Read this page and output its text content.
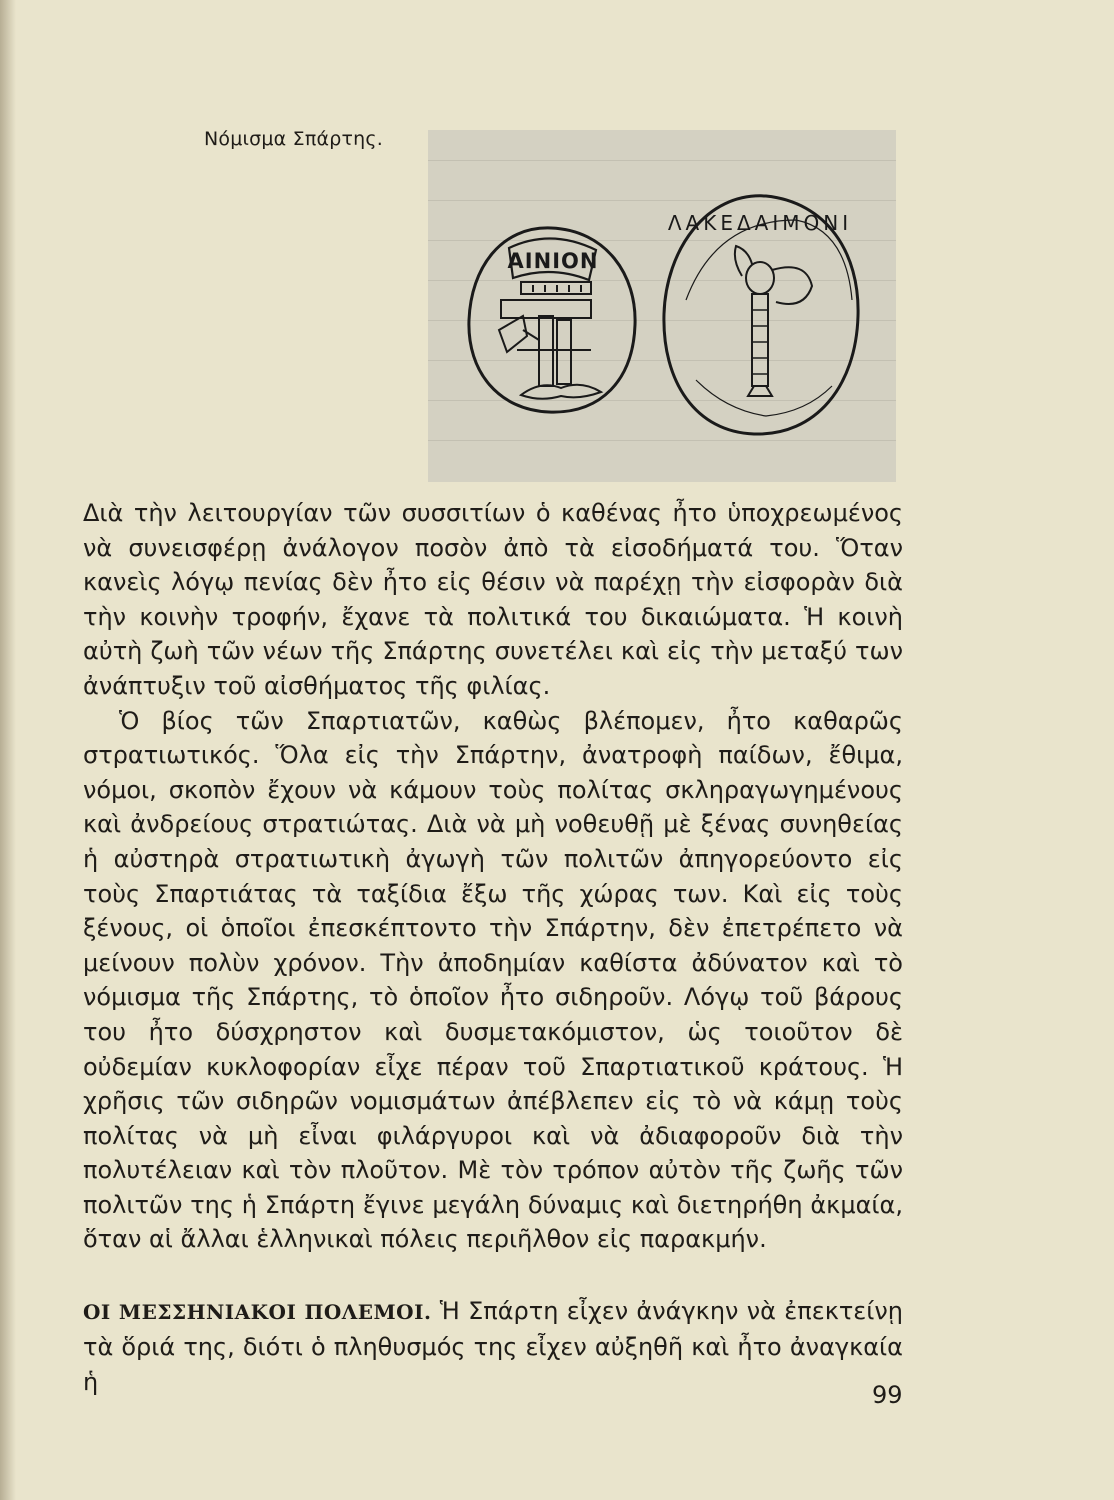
Νόμισμα Σπάρτης.
ΑΙΝΙΟΝ
ΛΑΚΕΔΑΙΜΟΝΙ

Διὰ τὴν λειτουργίαν τῶν συσσιτίων ὁ καθένας ἦτο ὑποχρεωμένος νὰ συνεισφέρῃ ἀνάλογον ποσὸν ἀπὸ τὰ εἰσοδήματά του. Ὅταν κανεὶς λόγῳ πενίας δὲν ἦτο εἰς θέσιν νὰ παρέχῃ τὴν εἰσφορὰν διὰ τὴν κοινὴν τροφήν, ἔχανε τὰ πολιτικά του δικαιώματα. Ἡ κοινὴ αὐτὴ ζωὴ τῶν νέων τῆς Σπάρτης συνετέλει καὶ εἰς τὴν μεταξύ των ἀνάπτυξιν τοῦ αἰσθήματος τῆς φιλίας.

Ὁ βίος τῶν Σπαρτιατῶν, καθὼς βλέπομεν, ἦτο καθαρῶς στρατιωτικός. Ὅλα εἰς τὴν Σπάρτην, ἀνατροφὴ παίδων, ἔθιμα, νόμοι, σκοπὸν ἔχουν νὰ κάμουν τοὺς πολίτας σκληραγωγημένους καὶ ἀνδρείους στρατιώτας. Διὰ νὰ μὴ νοθευθῇ μὲ ξένας συνηθείας ἡ αὐστηρὰ στρατιωτικὴ ἀγωγὴ τῶν πολιτῶν ἀπηγορεύοντο εἰς τοὺς Σπαρτιάτας τὰ ταξίδια ἔξω τῆς χώρας των. Καὶ εἰς τοὺς ξένους, οἱ ὁποῖοι ἐπεσκέπτοντο τὴν Σπάρτην, δὲν ἐπετρέπετο νὰ μείνουν πολὺν χρόνον. Τὴν ἀποδημίαν καθίστα ἀδύνατον καὶ τὸ νόμισμα τῆς Σπάρτης, τὸ ὁποῖον ἦτο σιδηροῦν. Λόγῳ τοῦ βάρους του ἦτο δύσχρηστον καὶ δυσμετακόμιστον, ὡς τοιοῦτον δὲ οὐδεμίαν κυκλοφορίαν εἶχε πέραν τοῦ Σπαρτιατικοῦ κράτους. Ἡ χρῆσις τῶν σιδηρῶν νομισμάτων ἀπέβλεπεν εἰς τὸ νὰ κάμῃ τοὺς πολίτας νὰ μὴ εἶναι φιλάργυροι καὶ νὰ ἀδιαφοροῦν διὰ τὴν πολυτέλειαν καὶ τὸν πλοῦτον. Μὲ τὸν τρόπον αὐτὸν τῆς ζωῆς τῶν πολιτῶν της ἡ Σπάρτη ἔγινε μεγάλη δύναμις καὶ διετηρήθη ἀκμαία, ὅταν αἱ ἄλλαι ἑλληνικαὶ πόλεις περιῆλθον εἰς παρακμήν.

ΟΙ ΜΕΣΣΗΝΙΑΚΟΙ ΠΟΛΕΜΟΙ. Ἡ Σπάρτη εἶχεν ἀνάγκην νὰ ἐπεκτείνῃ τὰ ὅριά της, διότι ὁ πληθυσμός της εἶχεν αὐξηθῆ καὶ ἦτο ἀναγκαία ἡ	99
